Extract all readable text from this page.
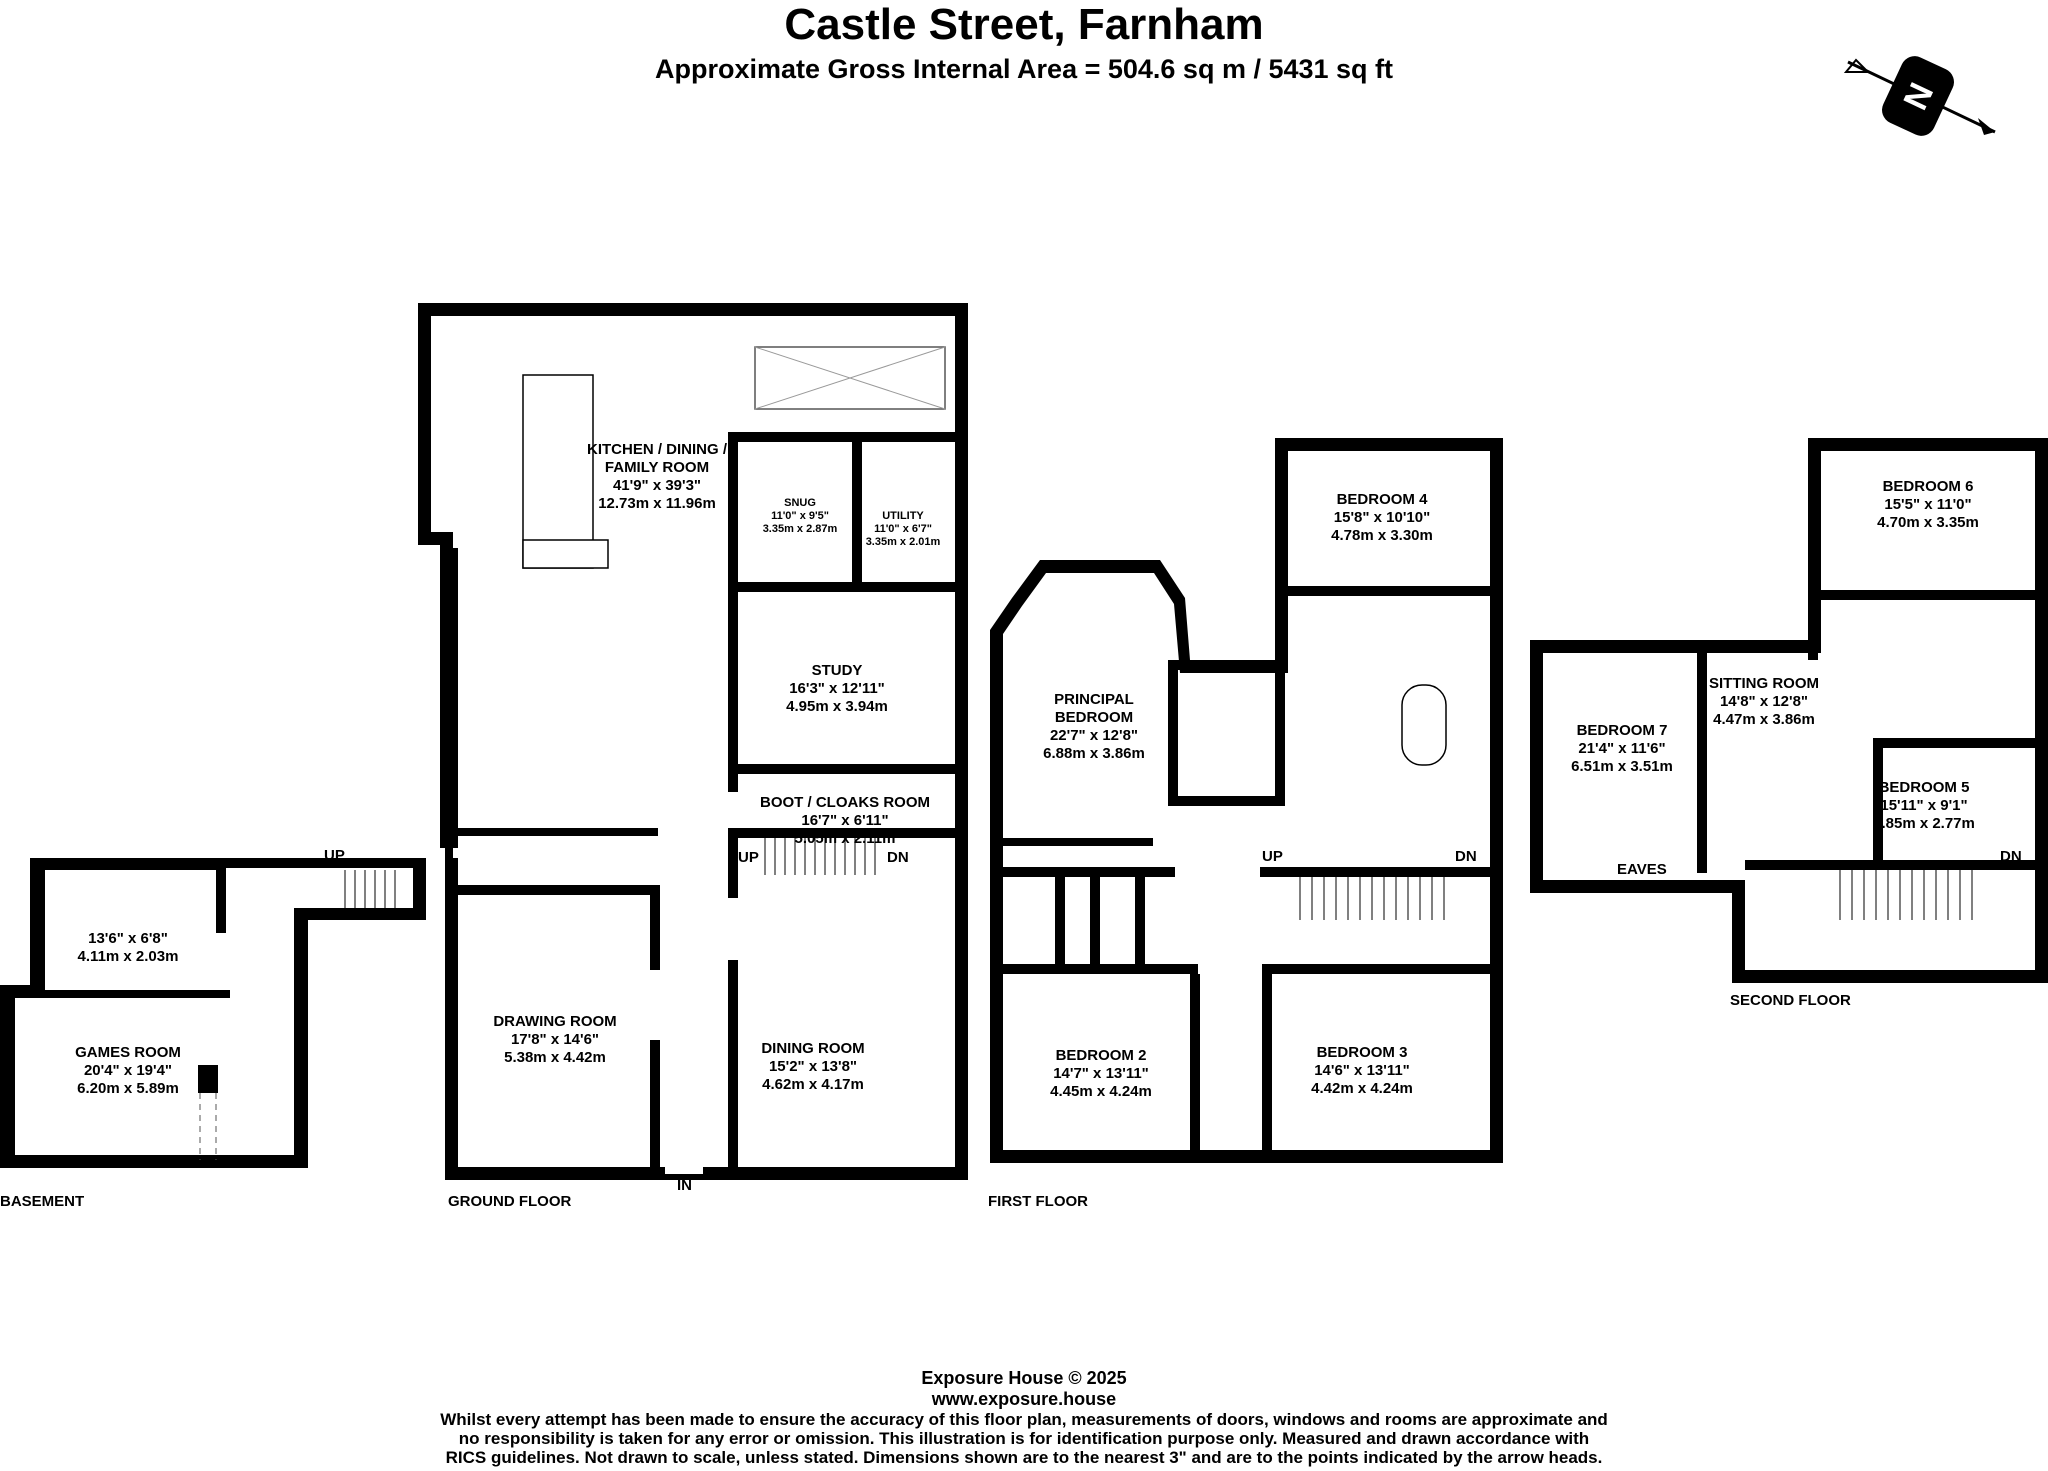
Castle Street, Farnham
Approximate Gross Internal Area = 504.6 sq m / 5431 sq ft
N
13'6" x 6'8"
4.11m x 2.03m
GAMES ROOM
20'4" x 19'4"
6.20m x 5.89m
UP
KITCHEN / DINING /
FAMILY ROOM
41'9" x 39'3"
12.73m x 11.96m	SNUG
11'0" x 9'5"
3.35m x 2.87m
UTILITY
11'0" x 6'7"
3.35m x 2.01m
STUDY
16'3" x 12'11"
4.95m x 3.94m
BOOT / CLOAKS ROOM
16'7" x 6'11"
5.05m x 2.11m
DRAWING ROOM
17'8" x 14'6"
5.38m x 4.42m
DINING ROOM
15'2" x 13'8"
4.62m x 4.17m
UP	DN
IN
PRINCIPAL
BEDROOM
22'7" x 12'8"
6.88m x 3.86m
BEDROOM 4
15'8" x 10'10"
4.78m x 3.30m
BEDROOM 2
14'7" x 13'11"
4.45m x 4.24m
BEDROOM 3
14'6" x 13'11"
4.42m x 4.24m
UP	DN
BEDROOM 6
15'5" x 11'0"
4.70m x 3.35m
BEDROOM 7
21'4" x 11'6"
6.51m x 3.51m
SITTING ROOM
14'8" x 12'8"
4.47m x 3.86m
BEDROOM 5
15'11" x 9'1"
4.85m x 2.77m
EAVES
DN
BASEMENT	GROUND FLOOR	FIRST FLOOR
SECOND FLOOR
Exposure House © 2025
www.exposure.house
Whilst every attempt has been made to ensure the accuracy of this floor plan, measurements of doors, windows and rooms are approximate and
no responsibility is taken for any error or omission. This illustration is for identification purpose only. Measured and drawn accordance with
RICS guidelines. Not drawn to scale, unless stated. Dimensions shown are to the nearest 3" and are to the points indicated by the arrow heads.
